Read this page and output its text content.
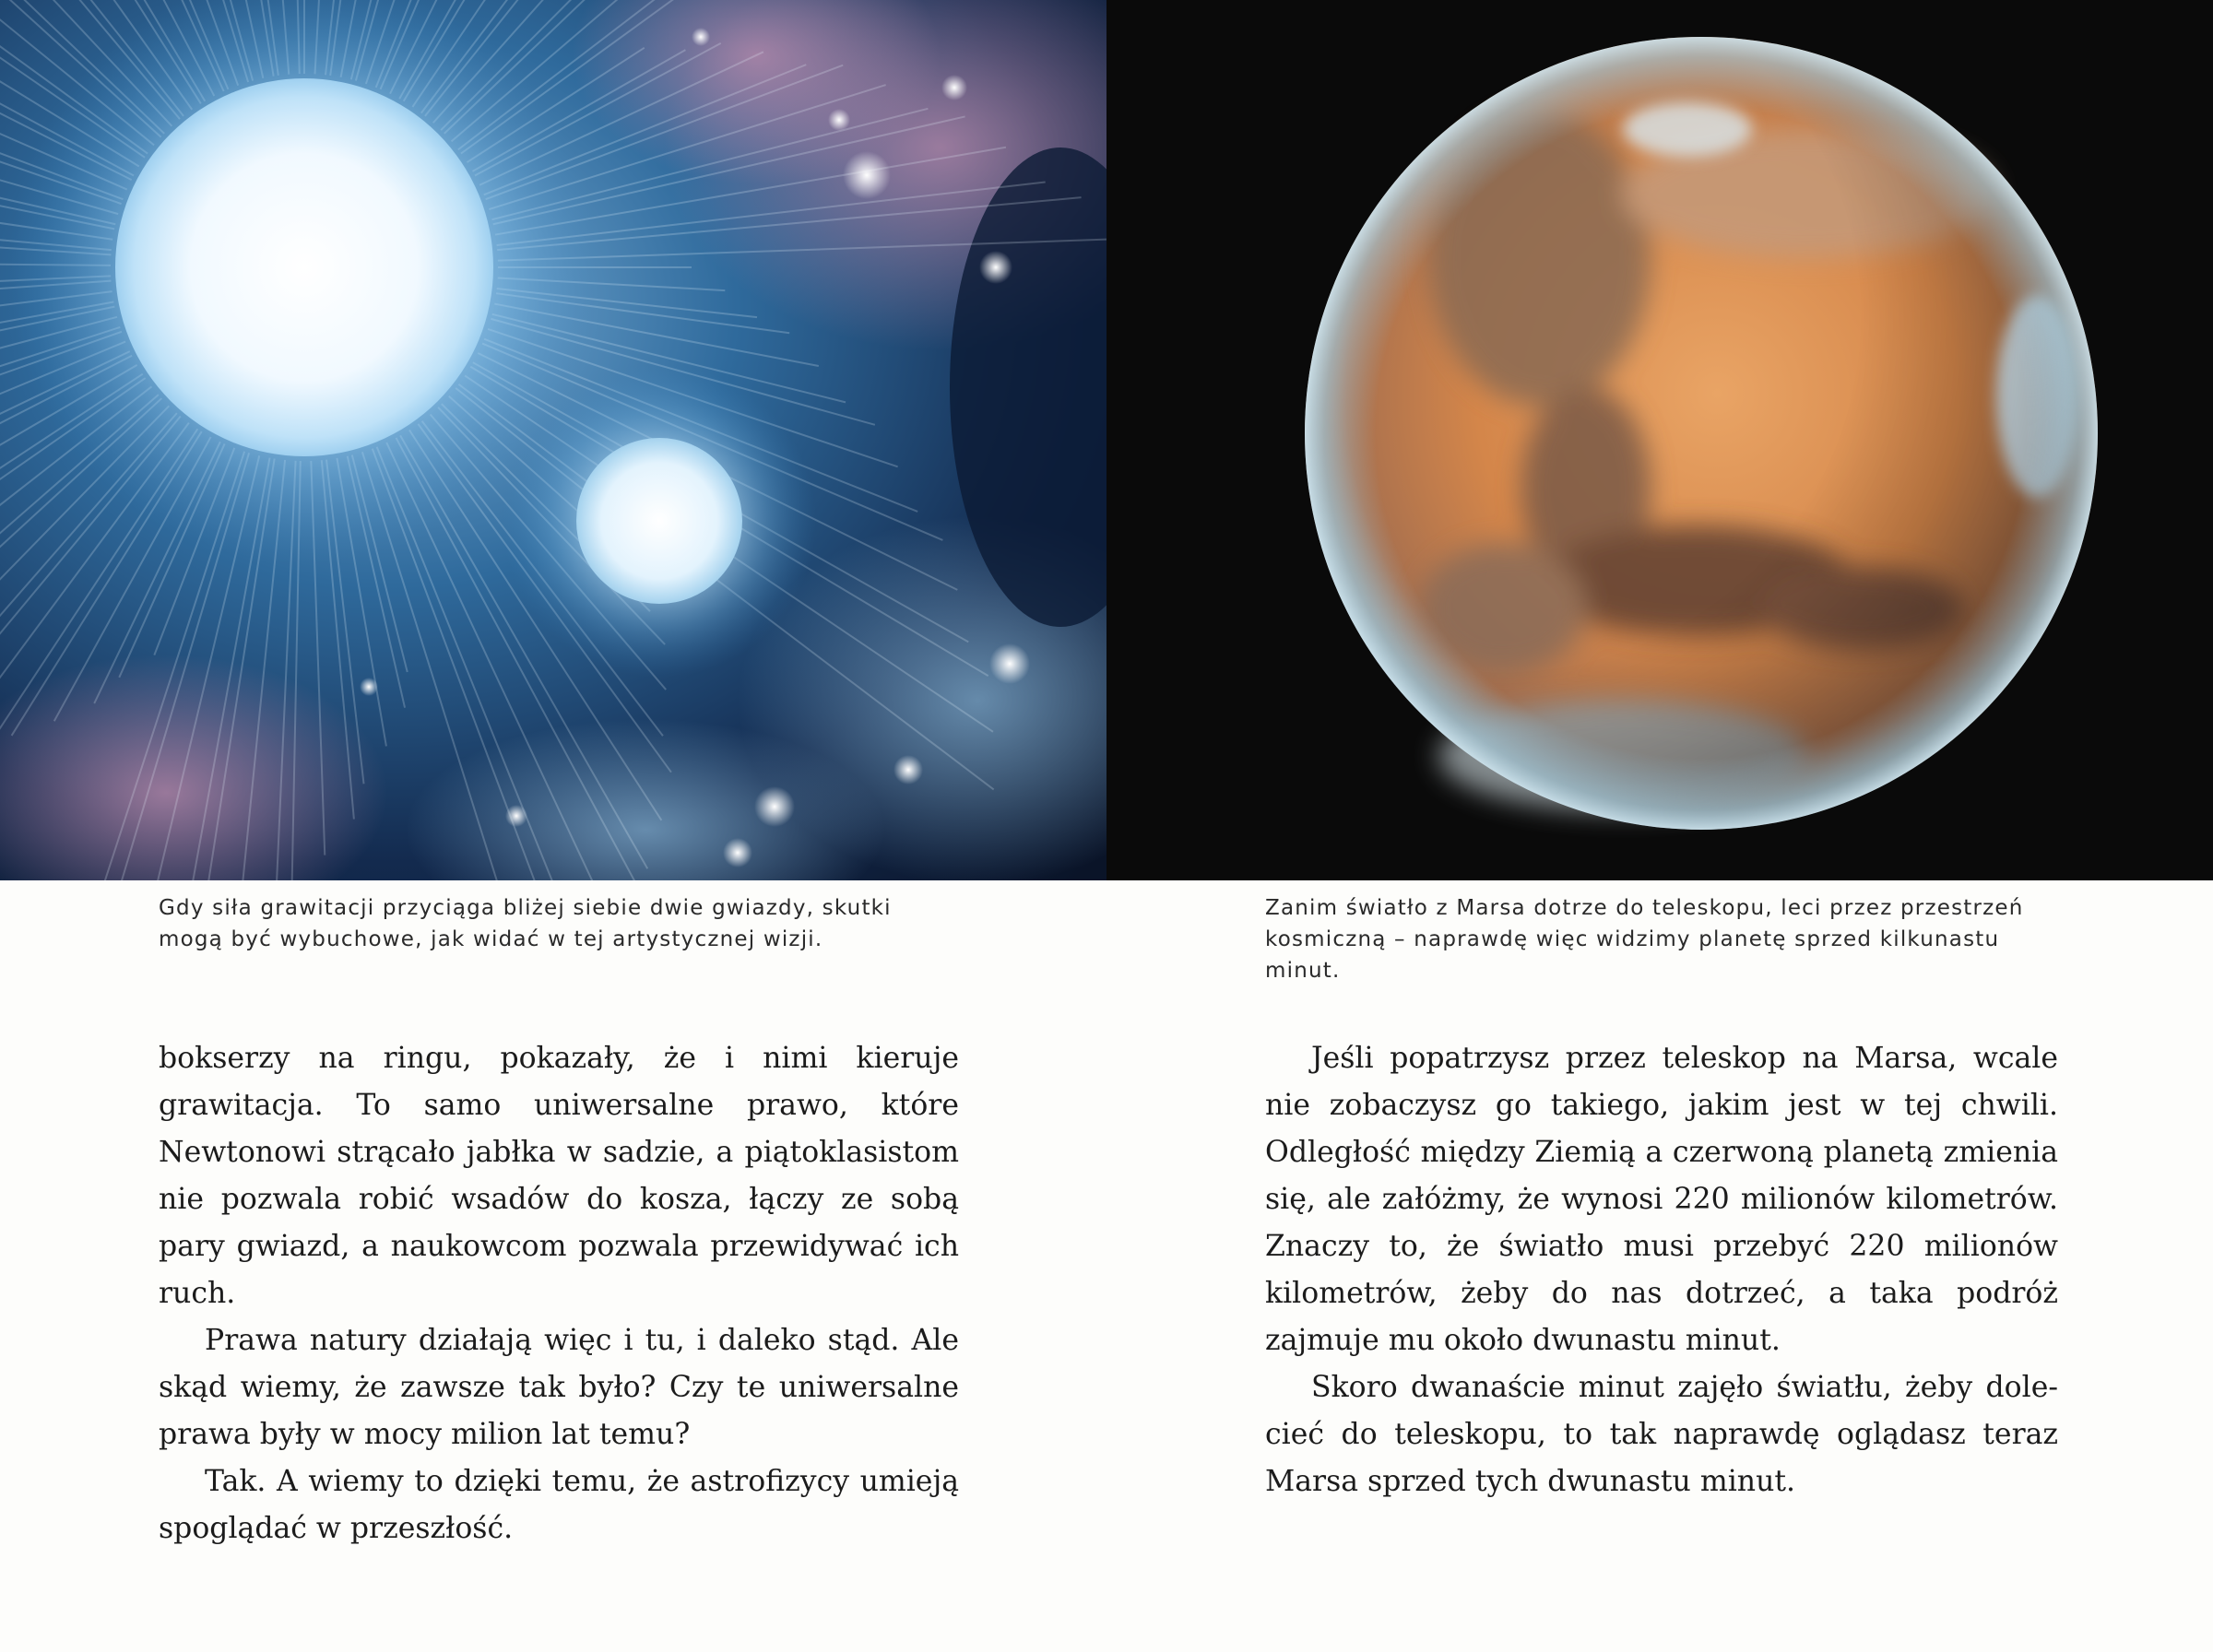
Gdy siła grawitacji przyciąga bliżej siebie dwie gwiazdy, skutki mogą być wybuchowe, jak widać w tej artystycznej wizji.

Zanim światło z Marsa dotrze do teleskopu, leci przez przestrzeń kosmiczną – naprawdę więc widzimy planetę sprzed kilkunastu minut.

bokserzy na ringu, pokazały, że i nimi kieruje grawitacja. To samo uniwersalne prawo, które Newtonowi strącało jabłka w sadzie, a piątoklasistom nie pozwala robić wsadów do kosza, łączy ze sobą pary gwiazd, a naukowcom pozwala przewidywać ich ruch.

Prawa natury działają więc i tu, i daleko stąd. Ale skąd wiemy, że zawsze tak było? Czy te uniwersalne prawa były w mocy milion lat temu?

Tak. A wiemy to dzięki temu, że astrofizycy umieją spoglądać w przeszłość.

Jeśli popatrzysz przez teleskop na Marsa, wcale nie zobaczysz go takiego, jakim jest w tej chwili. Odległość między Ziemią a czerwoną planetą zmienia się, ale załóżmy, że wynosi 220 milionów kilometrów. Znaczy to, że światło musi przebyć 220 milionów kilometrów, żeby do nas dotrzeć, a taka podróż zajmuje mu około dwunastu minut.

Skoro dwanaście minut zajęło światłu, żeby dolecieć do teleskopu, to tak naprawdę oglądasz teraz Marsa sprzed tych dwunastu minut.
